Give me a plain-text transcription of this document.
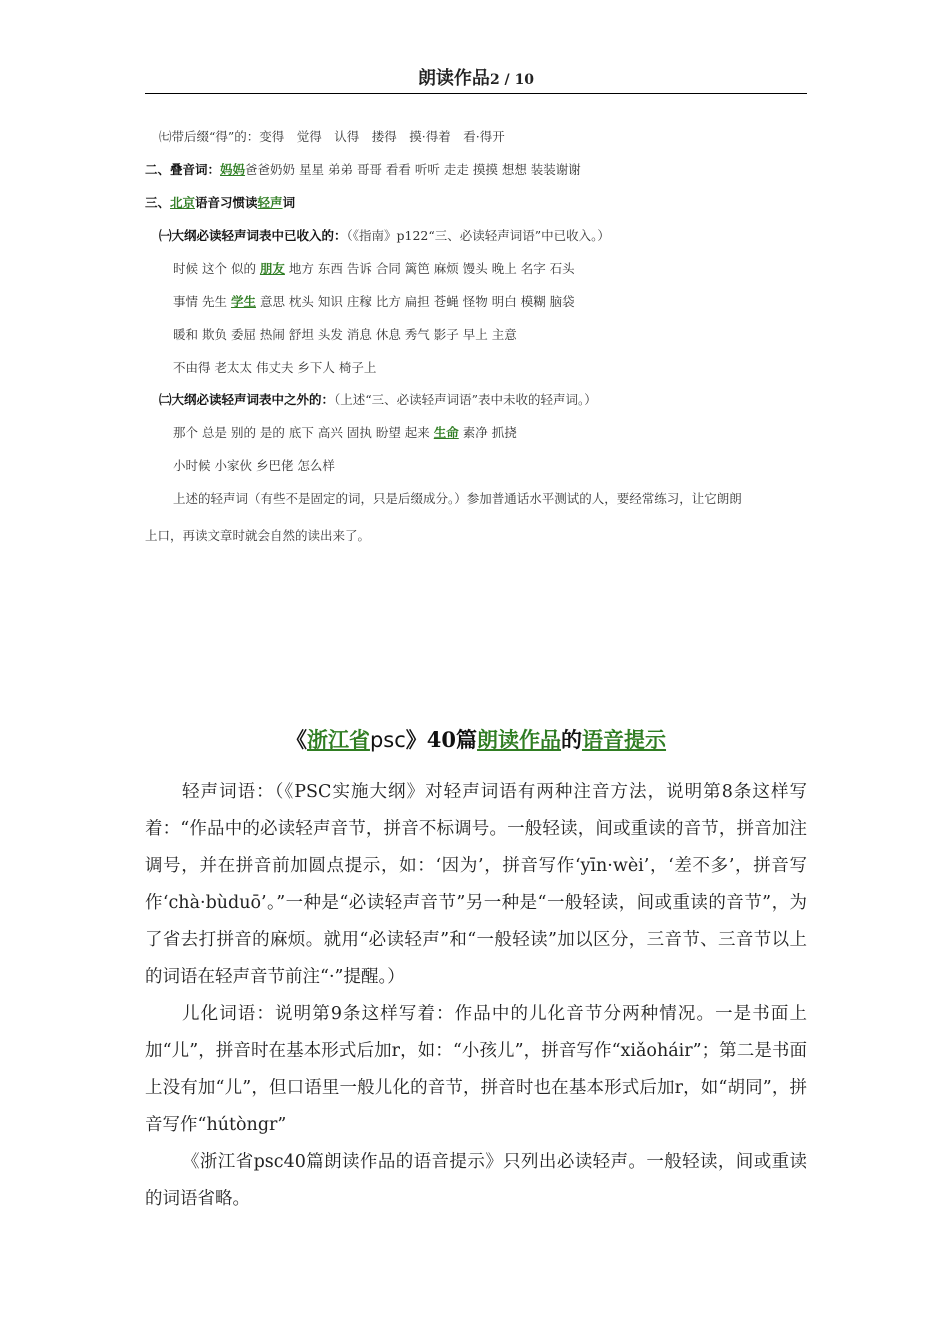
朗读作品2 / 10
㈦带后缀“得”的：变得　觉得　认得　搂得　摸·得着　看·得开
二、叠音词：妈妈爸爸奶奶 星星 弟弟 哥哥 看看 听听 走走 摸摸 想想 装装谢谢
三、北京语音习惯读轻声词
㈠大纲必读轻声词表中已收入的：（《指南》p122“三、必读轻声词语”中已收入。）
时候 这个 似的 朋友 地方 东西 告诉 合同 篱笆 麻烦 馒头 晚上 名字 石头
事情 先生 学生 意思 枕头 知识 庄稼 比方 扁担 苍蝇 怪物 明白 模糊 脑袋
暖和 欺负 委屈 热闹 舒坦 头发 消息 休息 秀气 影子 早上 主意
不由得 老太太 伟丈夫 乡下人 椅子上
㈡大纲必读轻声词表中之外的：（上述“三、必读轻声词语”表中未收的轻声词。）
那个 总是 别的 是的 底下 高兴 固执 盼望 起来 生命 素净 抓挠
小时候 小家伙 乡巴佬 怎么样
上述的轻声词（有些不是固定的词，只是后缀成分。）参加普通话水平测试的人，要经常练习，让它朗朗
上口，再读文章时就会自然的读出来了。
《浙江省psc》40篇朗读作品的语音提示

轻声词语：（《PSC实施大纲》对轻声词语有两种注音方法，说明第8条这样写着：“作品中的必读轻声音节，拼音不标调号。一般轻读，间或重读的音节，拼音加注调号，并在拼音前加圆点提示，如：‘因为’，拼音写作‘yīn·wèi’，‘差不多’，拼音写作‘chà·bùduō’。”一种是“必读轻声音节”另一种是“一般轻读，间或重读的音节”，为了省去打拼音的麻烦。就用“必读轻声”和“一般轻读”加以区分，三音节、三音节以上的词语在轻声音节前注“·”提醒。）

儿化词语：说明第9条这样写着：作品中的儿化音节分两种情况。一是书面上加“儿”，拼音时在基本形式后加r，如：“小孩儿”，拼音写作“xiǎoháir”；第二是书面上没有加“儿”，但口语里一般儿化的音节，拼音时也在基本形式后加r，如“胡同”，拼音写作“hútòngr”

《浙江省psc40篇朗读作品的语音提示》只列出必读轻声。一般轻读，间或重读的词语省略。
